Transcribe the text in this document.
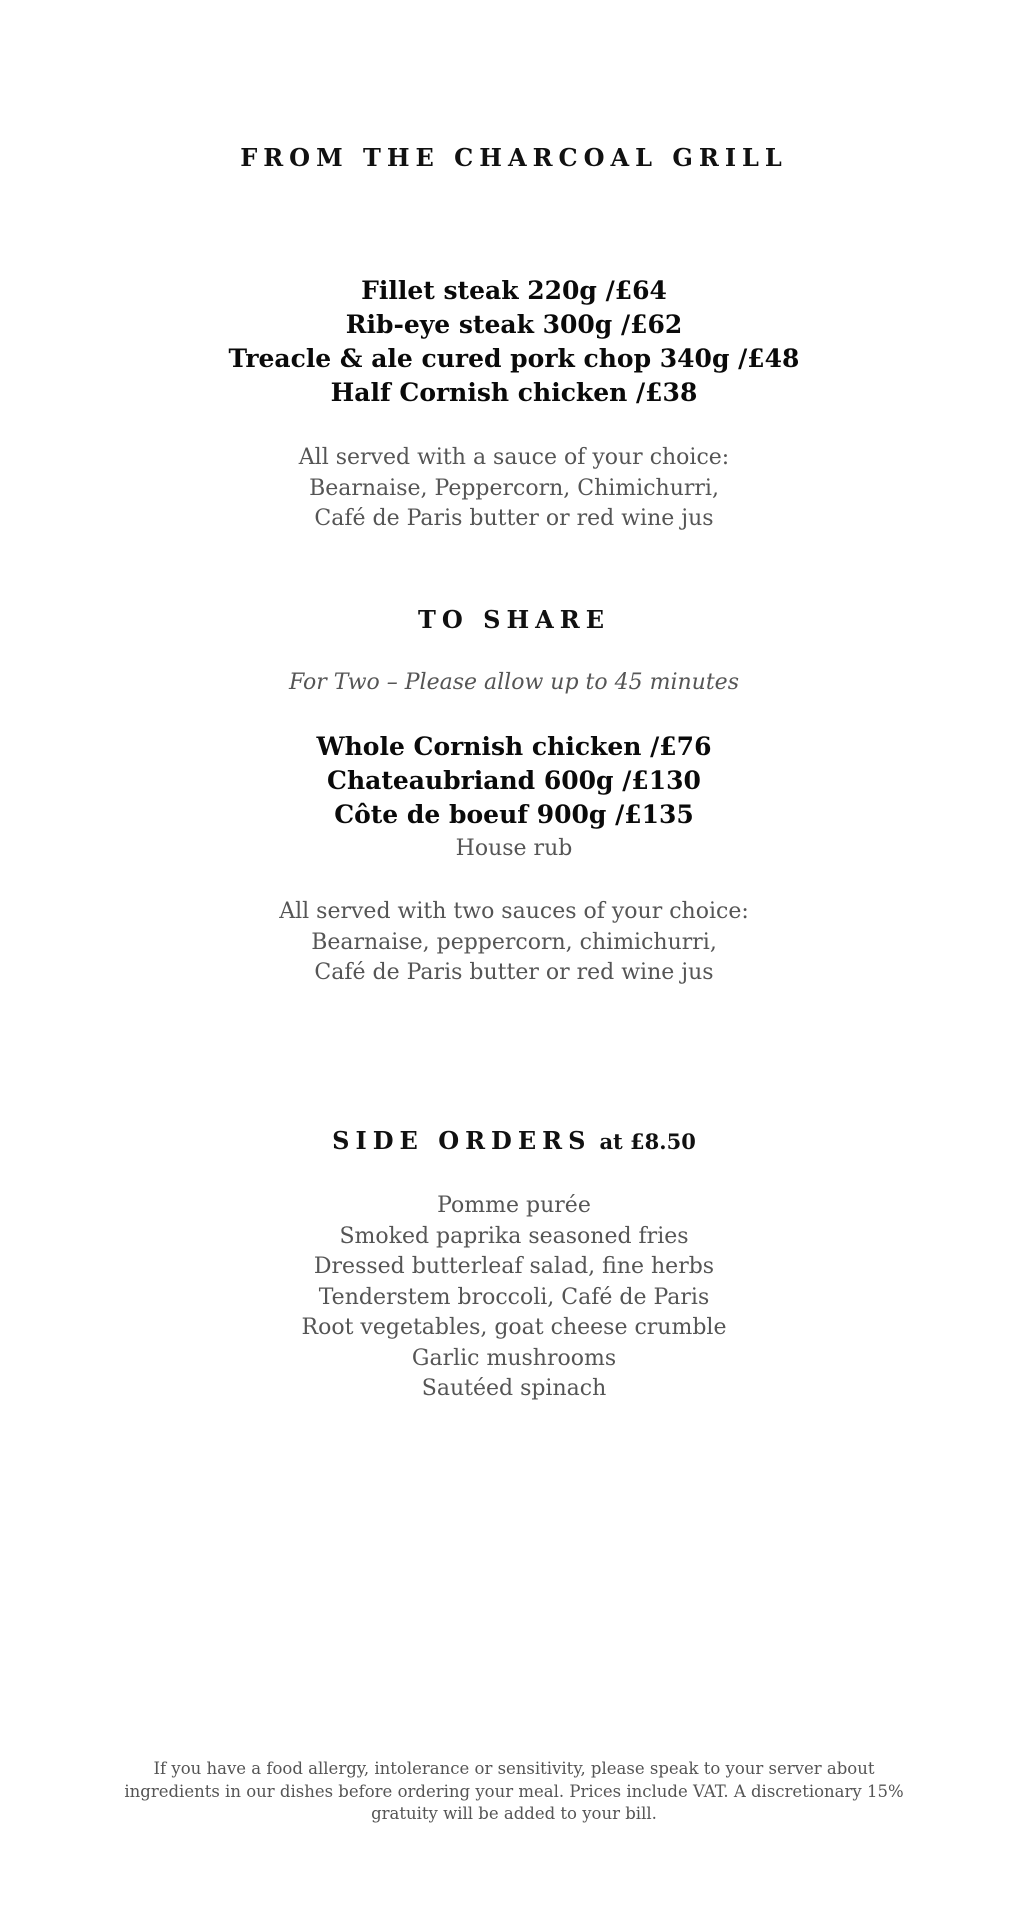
FROM THE CHARCOAL GRILL
Fillet steak 220g /£64
Rib-eye steak 300g /£62
Treacle & ale cured pork chop 340g /£48
Half Cornish chicken /£38
All served with a sauce of your choice:
Bearnaise, Peppercorn, Chimichurri,
Café de Paris butter or red wine jus
TO SHARE
For Two – Please allow up to 45 minutes
Whole Cornish chicken /£76
Chateaubriand 600g /£130
Côte de boeuf 900g /£135
House rub
All served with two sauces of your choice:
Bearnaise, peppercorn, chimichurri,
Café de Paris butter or red wine jus
SIDE ORDERS at £8.50
Pomme purée
Smoked paprika seasoned fries
Dressed butterleaf salad, fine herbs
Tenderstem broccoli, Café de Paris
Root vegetables, goat cheese crumble
Garlic mushrooms
Sautéed spinach
If you have a food allergy, intolerance or sensitivity, please speak to your server about
ingredients in our dishes before ordering your meal. Prices include VAT. A discretionary 15%
gratuity will be added to your bill.
